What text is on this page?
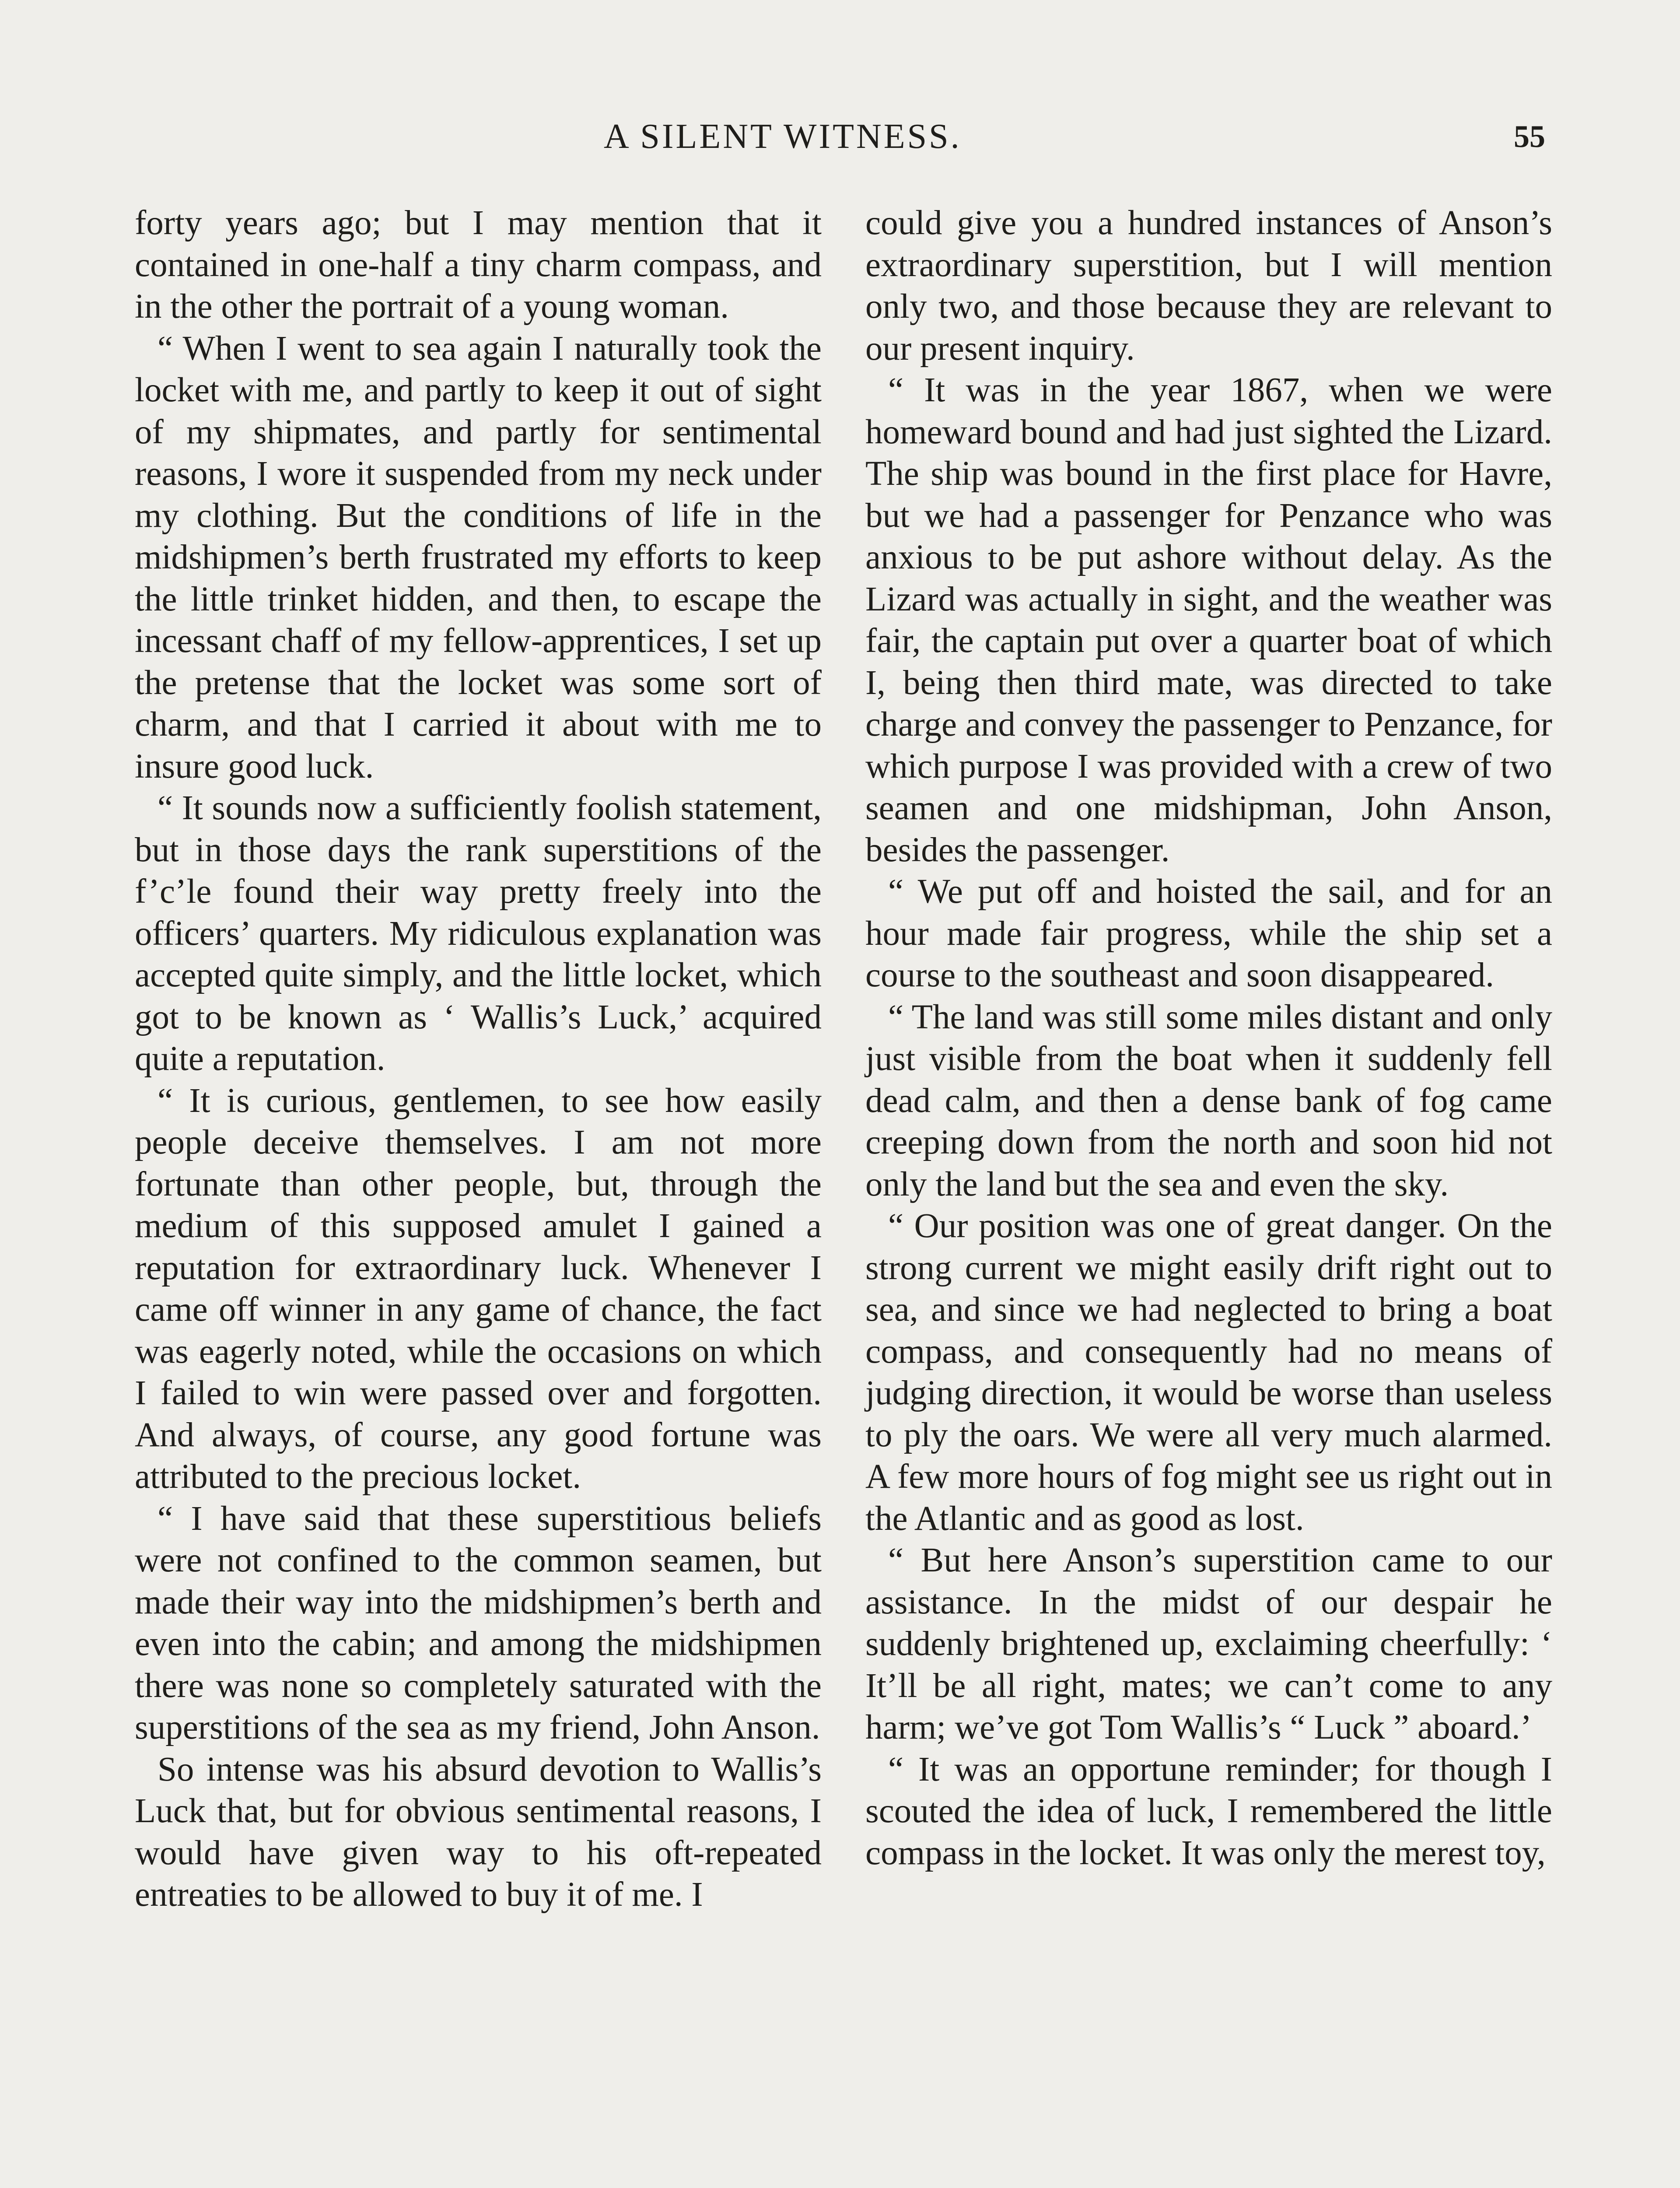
A SILENT WITNESS.	55

forty years ago; but I may mention that it contained in one-half a tiny charm compass, and in the other the portrait of a young woman.

“ When I went to sea again I naturally took the locket with me, and partly to keep it out of sight of my shipmates, and partly for sentimental reasons, I wore it suspended from my neck under my clothing. But the conditions of life in the midshipmen’s berth frustrated my efforts to keep the little trinket hidden, and then, to escape the incessant chaff of my fellow-apprentices, I set up the pretense that the locket was some sort of charm, and that I carried it about with me to insure good luck.

“ It sounds now a sufficiently foolish statement, but in those days the rank superstitions of the f’c’le found their way pretty freely into the officers’ quarters. My ridiculous explanation was accepted quite simply, and the little locket, which got to be known as ‘ Wallis’s Luck,’ acquired quite a reputation.

“ It is curious, gentlemen, to see how easily people deceive themselves. I am not more fortunate than other people, but, through the medium of this supposed amulet I gained a reputation for extraordinary luck. Whenever I came off winner in any game of chance, the fact was eagerly noted, while the occasions on which I failed to win were passed over and forgotten. And always, of course, any good fortune was attributed to the precious locket.

“ I have said that these superstitious beliefs were not confined to the common seamen, but made their way into the midshipmen’s berth and even into the cabin; and among the midshipmen there was none so completely saturated with the superstitions of the sea as my friend, John Anson.

So intense was his absurd devotion to Wallis’s Luck that, but for obvious sentimental reasons, I would have given way to his oft-repeated entreaties to be allowed to buy it of me. I

could give you a hundred instances of Anson’s extraordinary superstition, but I will mention only two, and those because they are relevant to our present inquiry.

“ It was in the year 1867, when we were homeward bound and had just sighted the Lizard. The ship was bound in the first place for Havre, but we had a passenger for Penzance who was anxious to be put ashore without delay. As the Lizard was actually in sight, and the weather was fair, the captain put over a quarter boat of which I, being then third mate, was directed to take charge and convey the passenger to Penzance, for which purpose I was provided with a crew of two seamen and one midshipman, John Anson, besides the passenger.

“ We put off and hoisted the sail, and for an hour made fair progress, while the ship set a course to the southeast and soon disappeared.

“ The land was still some miles distant and only just visible from the boat when it suddenly fell dead calm, and then a dense bank of fog came creeping down from the north and soon hid not only the land but the sea and even the sky.

“ Our position was one of great danger. On the strong current we might easily drift right out to sea, and since we had neglected to bring a boat compass, and consequently had no means of judging direction, it would be worse than useless to ply the oars. We were all very much alarmed. A few more hours of fog might see us right out in the Atlantic and as good as lost.

“ But here Anson’s superstition came to our assistance. In the midst of our despair he suddenly brightened up, exclaiming cheerfully: ‘ It’ll be all right, mates; we can’t come to any harm; we’ve got Tom Wallis’s “ Luck ” aboard.’

“ It was an opportune reminder; for though I scouted the idea of luck, I remembered the little compass in the locket. It was only the merest toy,
